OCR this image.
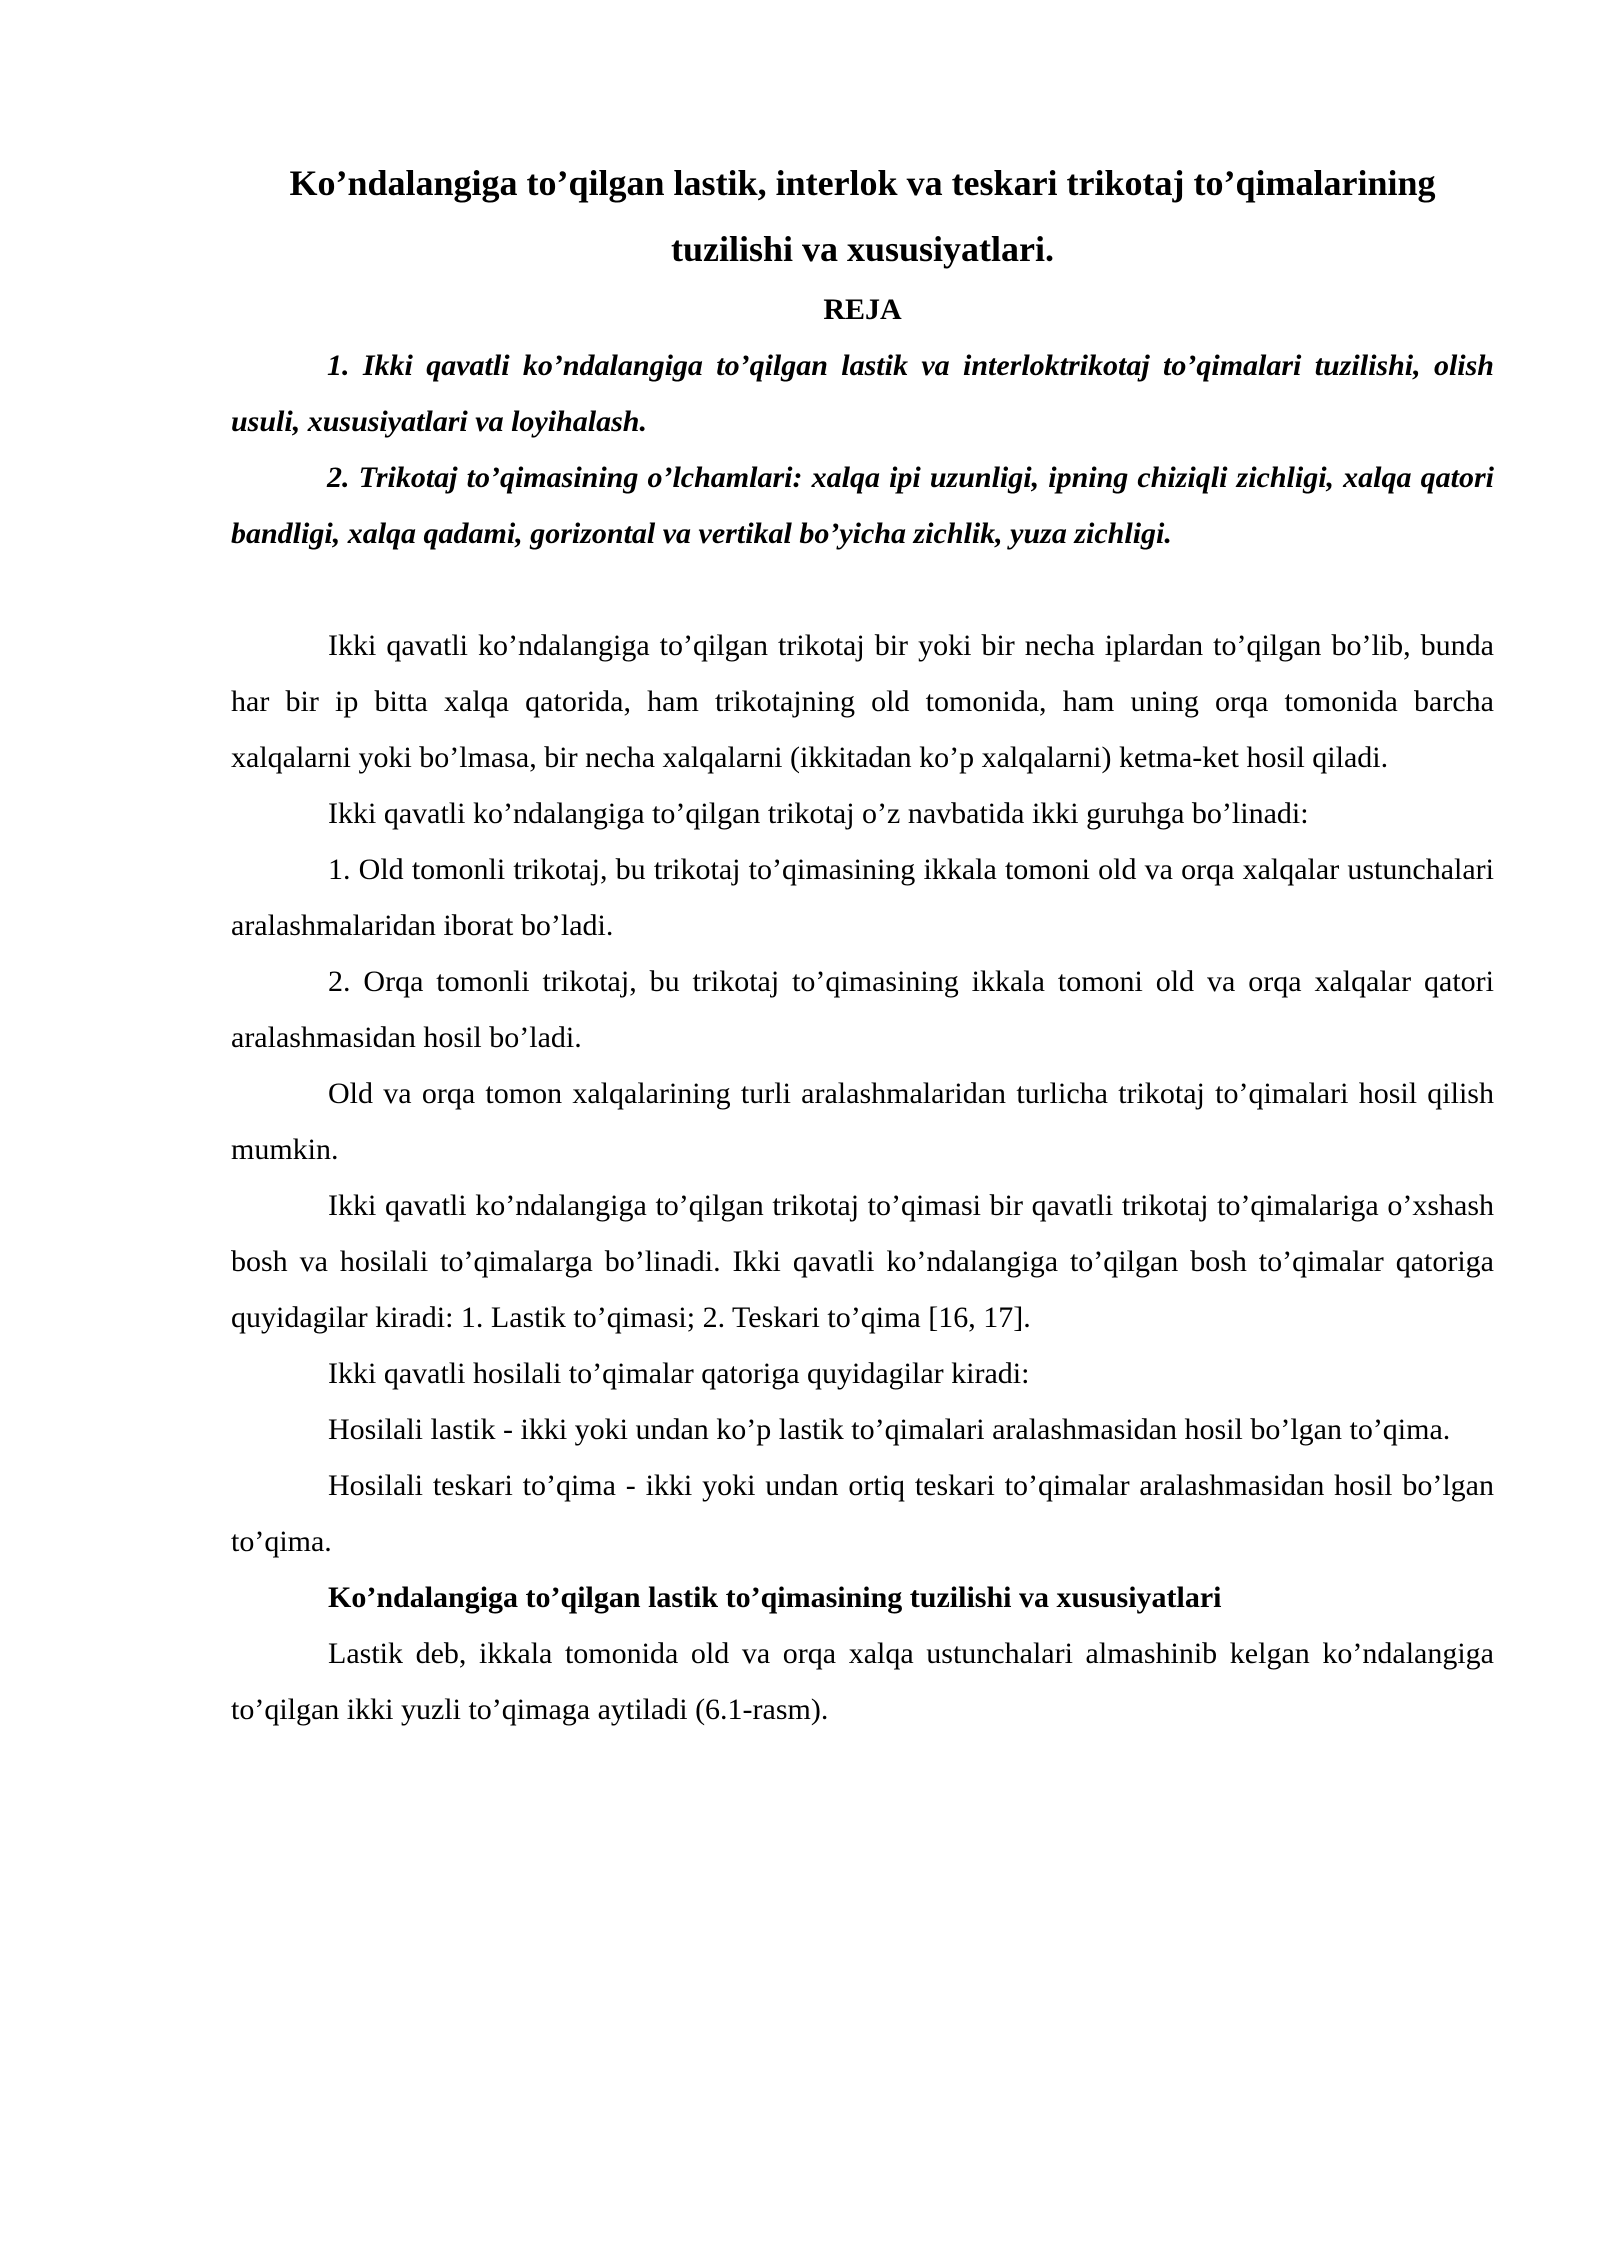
Ko’ndalangiga to’qilgan lastik, interlok va teskari trikotaj to’qimalarining tuzilishi va xususiyatlari.

REJA

1. Ikki qavatli ko’ndalangiga to’qilgan lastik va interloktrikotaj to’qimalari tuzilishi, olish usuli, xususiyatlari va loyihalash.

2. Trikotaj to’qimasining o’lchamlari: xalqa ipi uzunligi, ipning chiziqli zichligi, xalqa qatori bandligi, xalqa qadami, gorizontal va vertikal bo’yicha zichlik, yuza zichligi.

Ikki qavatli ko’ndalangiga to’qilgan trikotaj bir yoki bir necha iplardan to’qilgan bo’lib, bunda har bir ip bitta xalqa qatorida, ham trikotajning old tomonida, ham uning orqa tomonida barcha xalqalarni yoki bo’lmasa, bir necha xalqalarni (ikkitadan ko’p xalqalarni) ketma-ket hosil qiladi.

Ikki qavatli ko’ndalangiga to’qilgan trikotaj o’z navbatida ikki guruhga bo’linadi:

1. Old tomonli trikotaj, bu trikotaj to’qimasining ikkala tomoni old va orqa xalqalar ustunchalari aralashmalaridan iborat bo’ladi.

2. Orqa tomonli trikotaj, bu trikotaj to’qimasining ikkala tomoni old va orqa xalqalar qatori aralashmasidan hosil bo’ladi.

Old va orqa tomon xalqalarining turli aralashmalaridan turlicha trikotaj to’qimalari hosil qilish mumkin.

Ikki qavatli ko’ndalangiga to’qilgan trikotaj to’qimasi bir qavatli trikotaj to’qimalariga o’xshash bosh va hosilali to’qimalarga bo’linadi. Ikki qavatli ko’ndalangiga to’qilgan bosh to’qimalar qatoriga quyidagilar kiradi: 1. Lastik to’qimasi; 2. Teskari to’qima [16, 17].

Ikki qavatli hosilali to’qimalar qatoriga quyidagilar kiradi:

Hosilali lastik - ikki yoki undan ko’p lastik to’qimalari aralashmasidan hosil bo’lgan to’qima.

Hosilali teskari to’qima - ikki yoki undan ortiq teskari to’qimalar aralashmasidan hosil bo’lgan to’qima.

Ko’ndalangiga to’qilgan lastik to’qimasining tuzilishi va xususiyatlari

Lastik deb, ikkala tomonida old va orqa xalqa ustunchalari almashinib kelgan ko’ndalangiga to’qilgan ikki yuzli to’qimaga aytiladi (6.1-rasm).
